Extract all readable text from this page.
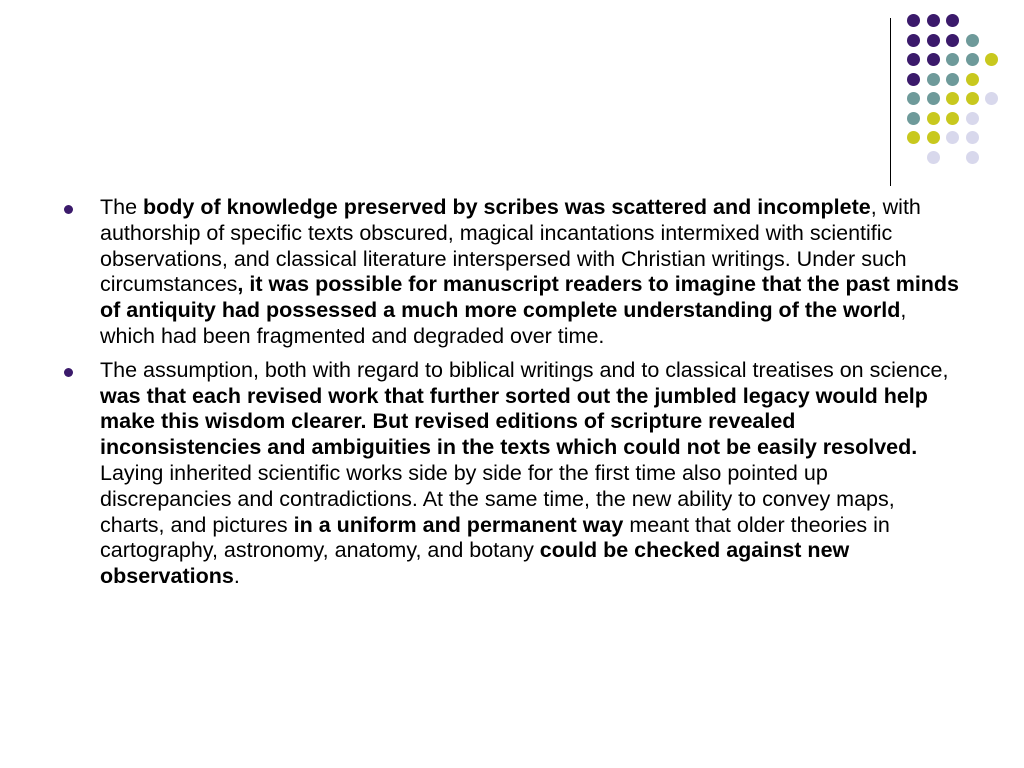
The body of knowledge preserved by scribes was scattered and incomplete, with authorship of specific texts obscured, magical incantations intermixed with scientific observations, and classical literature interspersed with Christian writings. Under such circumstances, it was possible for manuscript readers to imagine that the past minds of antiquity had possessed a much more complete understanding of the world, which had been fragmented and degraded over time.
The assumption, both with regard to biblical writings and to classical treatises on science, was that each revised work that further sorted out the jumbled legacy would help make this wisdom clearer. But revised editions of scripture revealed inconsistencies and ambiguities in the texts which could not be easily resolved. Laying inherited scientific works side by side for the first time also pointed up discrepancies and contradictions. At the same time, the new ability to convey maps, charts, and pictures in a uniform and permanent way meant that older theories in cartography, astronomy, anatomy, and botany could be checked against new observations.
